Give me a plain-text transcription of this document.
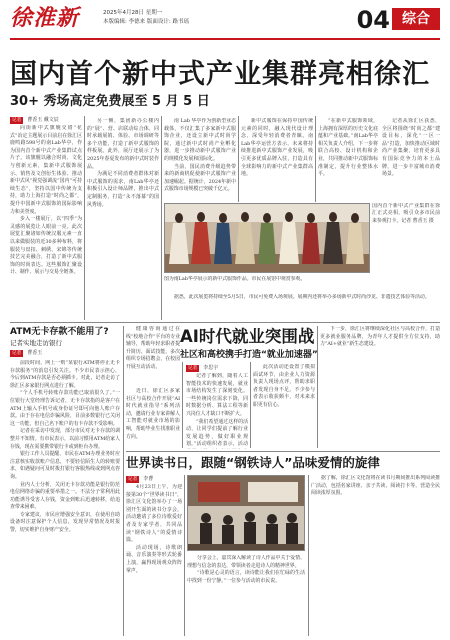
徐淮新	2025年4月28日 星期一
本版编辑: 李德来 版面设计: 路书瑶	04 综合
国内首个新中式产业集群亮相徐汇
30+ 秀场高定免费展至 5 月 5 日
记者 曹香玉 戴文辰

向街新中式旗舰交错“花式”冶定主题展示目前启在徐汇区鹿鸣路598号的南Lab华亭，作为国内首个新中式产业集群试点片子。该旗舰以融合时尚、文化与创新元素，集新中式服饰展示、销售及文创衍生体验、推动新中式风“视觉强调流”国内“可持续生态”，坚持以国中传统为支持，助力上海打造“时尚之都”，提升中国新中式服饰的国际影响力和美誉度。

步入一楼展厅，以“四季”为灵感的展览让人眼前一亮。此次展览汇聚诸如传统汉服元素一直以来做服装的近30多种布料，将服装与盘扣、刺绣、宋锦等传统技艺完美融合，打造了新中式服饰的时尚表达。这些服饰汇聚设计、制作、展示与交易全链条。

另一侧，集团新办公楼内的“展”、营、店联动综合体，同时承载展销、体验、市场调研等多个功能，打造了新中式服饰的样板展。此外，展厅还展示了为2025年春夏发布的新中式时装作品。

为满足不同消费者群体对新中式服饰的需求，南Lab华亭还积极引入设计师品牌，推出中式定制服务，打造“永不落幕”的国风秀场。

南 Lab 华亭作为创新型业态载体，不仅汇集了多家新中式服饰企业，还设立新中式时尚学院，通过新中式时尚产业孵化器，进一步推动新中式服饰产业的规模化发展和国际化。

当前，国民消费升级趋势带来的新商机促使新中式服饰产业加速崛起。据统计，2024年新中式服饰市场规模已突破千亿元。

新中式服饰在保持中国传统元素的同时，融入现代设计理念，深受年轻消费者青睐。南Lab华亭运营方表示，未来将持续推进新中式服饰产业发展，吸引更多优质品牌入驻，打造具有全球影响力的新中式产业集群高地。

“在新中式服饰领域，上海拥有深厚的历史文化底蕴和产业基础。”南Lab华亭相关负责人介绍，下一步将联合高校、设计机构和企业，共同推动新中式服饰标准制定，提升行业整体水平。

记者从徐汇区获悉，全区将围绕“时尚之都”建设目标，深化“一区一品”打造，加快推动区域时尚产业集聚，培育更多具有国际竞争力的本土品牌，进一步丰富城市消费场景。

国内首个新中式产业集群在徐汇正式亮相，吸引众多市民前来参观打卡。记者 曹香玉 摄
图为南Lab华亭展示的新中式服饰作品。市民在展馆中观赏参观。

据悉，此次展览将持续至5月5日，市民可免费入场观展。展期内还将举办多场新中式时尚沙龙、非遗技艺体验等活动。

ATM无卡存款不能用了?
记者实地走访银行
记者 曹香玉

前段时间，网上一则“某银行ATM将停止无卡存款服务”的消息引发关注。不少市民表示担心，今后到ATM存款是否必须插卡。对此，记者走访了徐汇区多家银行网点进行了解。

“个人手机号转账存款功能已取消很久了。”一位银行大堂经理告诉记者，无卡存款指的是客户在ATM上输入手机号或身份证号即可向他人账户存款。由于存在电信诈骗风险，目前多数银行已关闭这一功能，但自己名下账户的有卡存款不受影响。

记者在采访中发现，部分市民对无卡存款的调整并不知情。有市民表示，以前习惯用ATM给家人存钱，现在需要携带银行卡或到柜台办理。

银行工作人员提醒，市民在ATM办理业务时应注意核实收款账户信息，不要轻信陌生人的转账要求，如遇疑问可及时拨打银行客服热线或到网点咨询。

业内人士分析，关闭无卡存款功能是银行防范电信网络诈骗的重要举措之一。不法分子常利用此功能诱导受害人存钱，资金到账后迅速转移，给追查带来困难。

专家建议，市民应增强安全意识，在使用自助设备时注意保护个人信息，发现异常情况及时报警，切实维护自身财产安全。

AI时代就业突围战
社区和高校携手打造“就业加速器”

健康咨询通过在线“校地合作”平台的专业辅导，帮助年轻求职者提升简历、面试技能，多次组织专场招聘会，在校园开展互动活动。

近日，徐汇区多家社区与高校合作开展“AI时代就业指导”系列活动，邀请行业专家讲解人工智能对就业市场的影响，帮助毕业生找准职业方向。

记者 李思宇

记者了解到，随着人工智能技术的快速发展，就业市场结构发生了深刻变化。一些传统岗位需求下降，同时数据分析、算法工程等新兴岗位人才缺口不断扩大。

“我们希望通过这样的活动，让同学们提前了解行业发展趋势，做好职业规划。”活动组织者表示，活动

此次活动还设置了模拟面试环节，由企业人力资源负责人现场点评，帮助求职者发现自身不足。不少参与者表示收获颇丰，对未来求职更有信心。

下一步，徐汇区将继续深化社区与高校合作，打造更多就业服务品牌，为青年人才提供全方位支持，助力“AI+就业”新生态建设。

世界读书日，跟随“钢铁诗人”品味爱情的旋律
记者 李曹

4月23日上午，为迎接第30个“世界读书日”，徐汇区文化馆举办了一场别开生面的读书分享会。活动邀请了多位诗歌爱好者及专家学者，共同品读“钢铁诗人”的爱情诗篇。

活动现场，诗歌朗诵、音乐演奏等形式轮番上演，赢得现场观众阵阵掌声。

分享会上，嘉宾深入解读了诗人作品中关于爱情、理想与信念的表达，带领读者走进诗人的精神世界。

“诗歌是心灵的语言，读诗能让我们在忙碌的生活中找到一份宁静。”一位参与活动的市民说。

据了解，徐汇区文化馆将在读书月期间推出系列阅读推广活动，包括名家讲座、亲子共读、阅读打卡等，营造全民阅读浓厚氛围。
